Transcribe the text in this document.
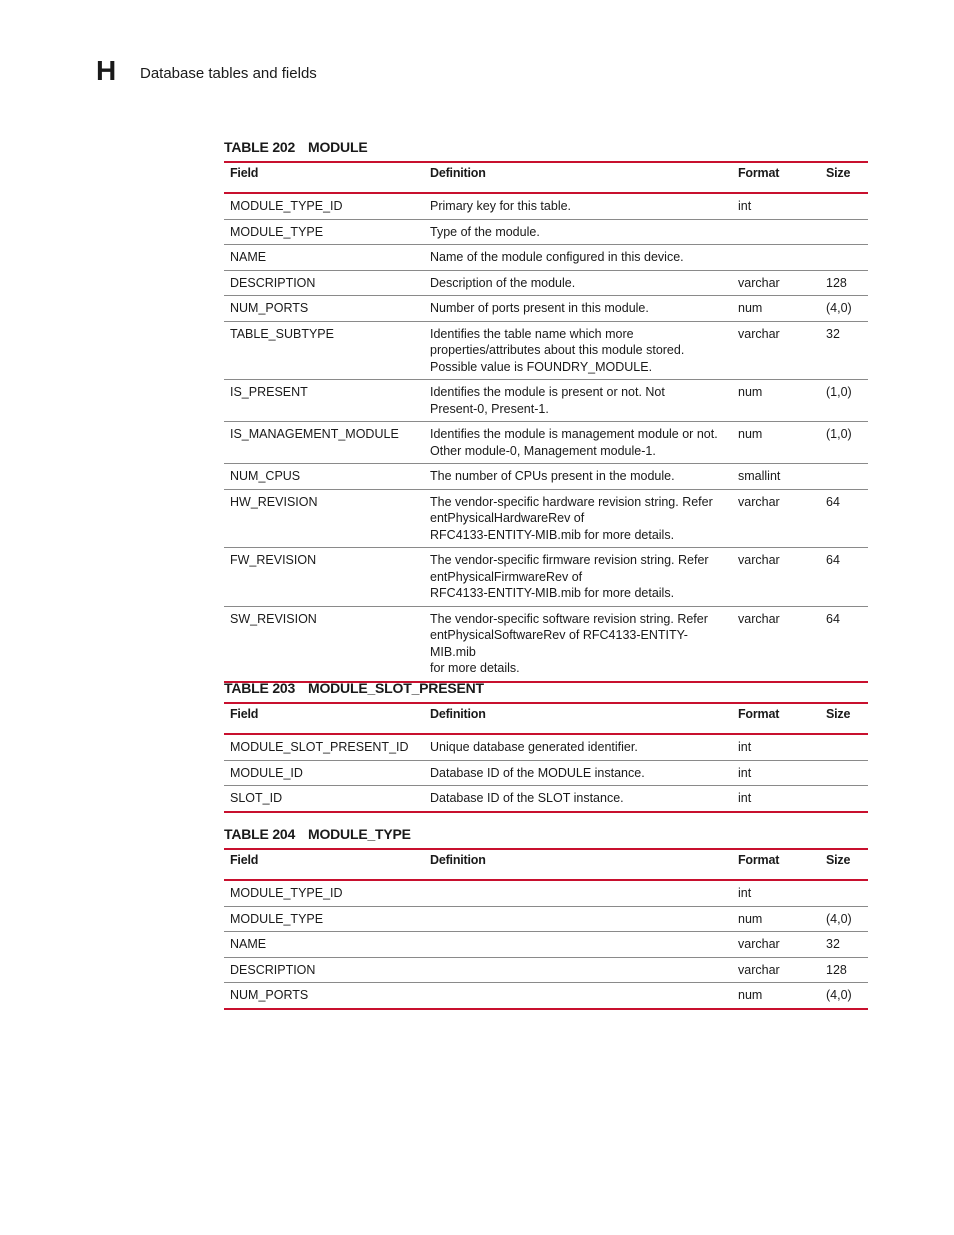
H Database tables and fields
TABLE 202 MODULE
Field	Definition	Format	Size
MODULE_TYPE_ID	Primary key for this table.	int	
MODULE_TYPE	Type of the module.		
NAME	Name of the module configured in this device.		
DESCRIPTION	Description of the module.	varchar	128
NUM_PORTS	Number of ports present in this module.	num	(4,0)
TABLE_SUBTYPE	Identifies the table name which more
properties/attributes about this module stored.
Possible value is FOUNDRY_MODULE.	varchar	32
IS_PRESENT	Identifies the module is present or not. Not
Present-0, Present-1.	num	(1,0)
IS_MANAGEMENT_MODULE	Identifies the module is management module or not.
Other module-0, Management module-1.	num	(1,0)
NUM_CPUS	The number of CPUs present in the module.	smallint	
HW_REVISION	The vendor-specific hardware revision string. Refer
entPhysicalHardwareRev of
RFC4133-ENTITY-MIB.mib for more details.	varchar	64
FW_REVISION	The vendor-specific firmware revision string. Refer
entPhysicalFirmwareRev of
RFC4133-ENTITY-MIB.mib for more details.	varchar	64
SW_REVISION	The vendor-specific software revision string. Refer
entPhysicalSoftwareRev of RFC4133-ENTITY-MIB.mib
for more details.	varchar	64
TABLE 203 MODULE_SLOT_PRESENT
Field	Definition	Format	Size
MODULE_SLOT_PRESENT_ID	Unique database generated identifier.	int	
MODULE_ID	Database ID of the MODULE instance.	int	
SLOT_ID	Database ID of the SLOT instance.	int	
TABLE 204 MODULE_TYPE
Field	Definition	Format	Size
MODULE_TYPE_ID		int	
MODULE_TYPE		num	(4,0)
NAME		varchar	32
DESCRIPTION		varchar	128
NUM_PORTS		num	(4,0)
